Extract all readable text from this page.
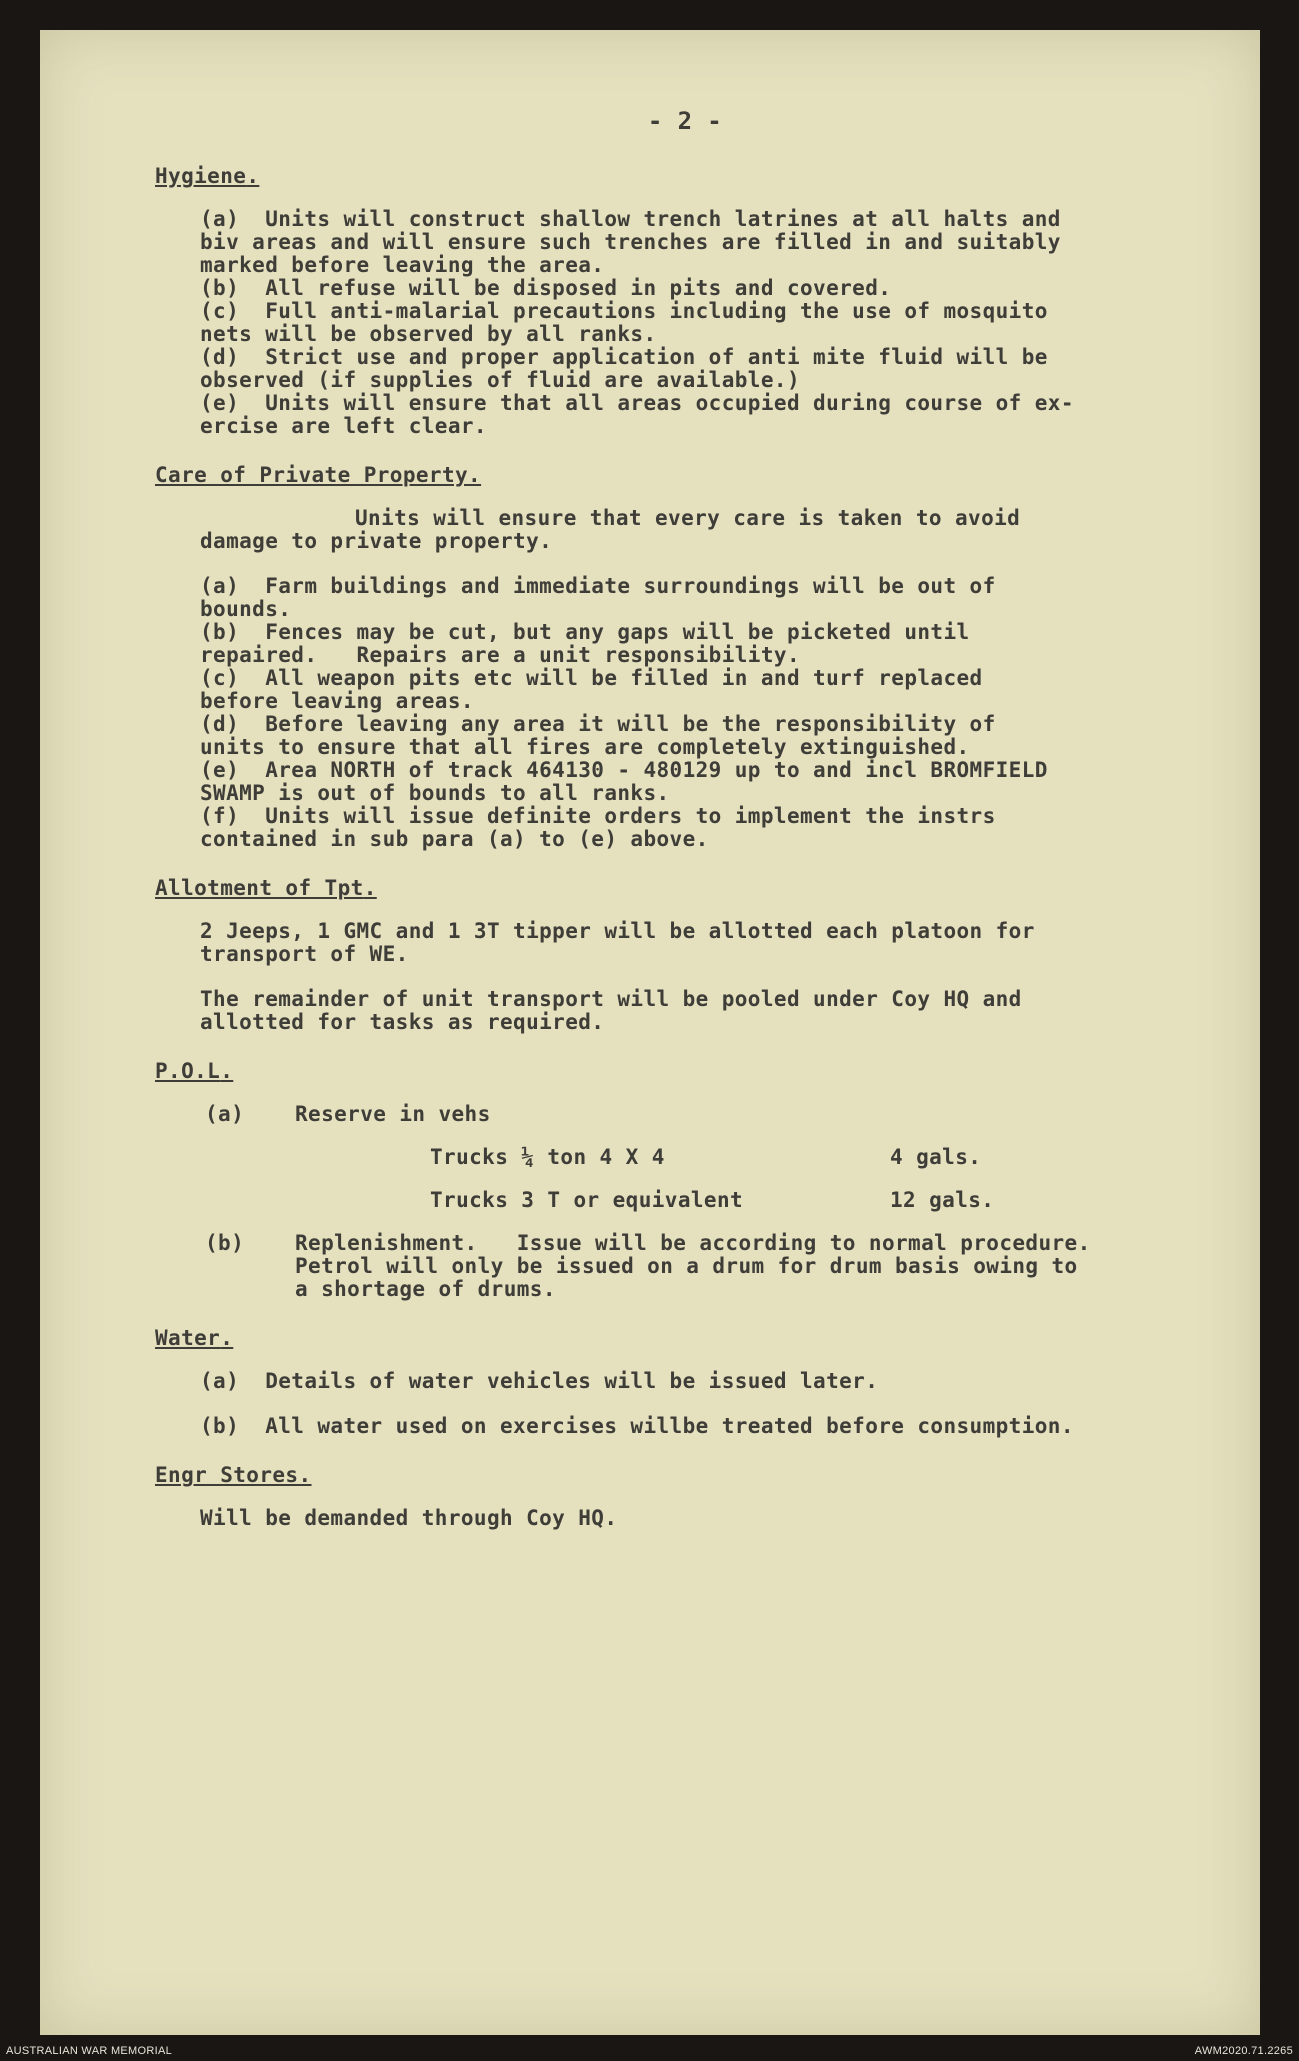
- 2 -
Hygiene.
(a)  Units will construct shallow trench latrines at all halts and
biv areas and will ensure such trenches are filled in and suitably
marked before leaving the area.
(b)  All refuse will be disposed in pits and covered.
(c)  Full anti-malarial precautions including the use of mosquito
nets will be observed by all ranks.
(d)  Strict use and proper application of anti mite fluid will be
observed (if supplies of fluid are available.)
(e)  Units will ensure that all areas occupied during course of ex-
ercise are left clear.
Care of Private Property.
Units will ensure that every care is taken to avoid
damage to private property.
(a)  Farm buildings and immediate surroundings will be out of
bounds.
(b)  Fences may be cut, but any gaps will be picketed until
repaired.   Repairs are a unit responsibility.
(c)  All weapon pits etc will be filled in and turf replaced
before leaving areas.
(d)  Before leaving any area it will be the responsibility of
units to ensure that all fires are completely extinguished.
(e)  Area NORTH of track 464130 - 480129 up to and incl BROMFIELD
SWAMP is out of bounds to all ranks.
(f)  Units will issue definite orders to implement the instrs
contained in sub para (a) to (e) above.
Allotment of Tpt.
2 Jeeps, 1 GMC and 1 3T tipper will be allotted each platoon for
transport of WE.
The remainder of unit transport will be pooled under Coy HQ and
allotted for tasks as required.
P.O.L.
(a)	Reserve in vehs
Trucks ¼ ton 4 X 4	4 gals.
Trucks 3 T or equivalent	12 gals.
(b)	Replenishment.   Issue will be according to normal procedure.
Petrol will only be issued on a drum for drum basis owing to
a shortage of drums.
Water.
(a)  Details of water vehicles will be issued later.
(b)  All water used on exercises willbe treated before consumption.
Engr Stores.
Will be demanded through Coy HQ.
AUSTRALIAN WAR MEMORIAL	AWM2020.71.2265
